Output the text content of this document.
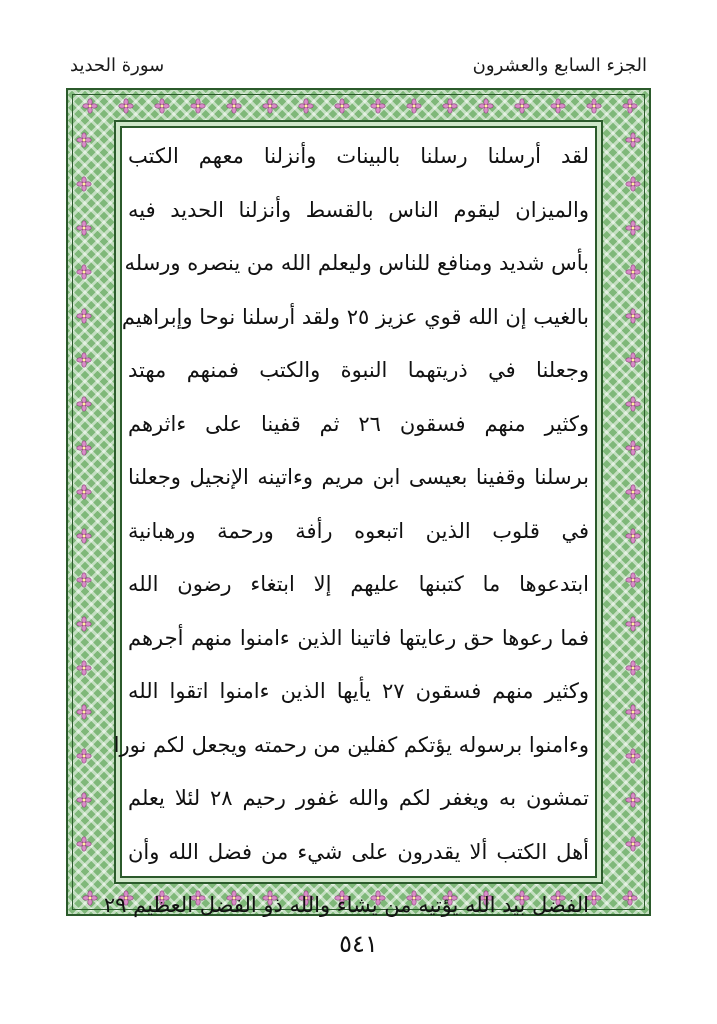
الجزء السابع والعشرون
سورة الحديد
لقد أرسلنا رسلنا بالبينات وأنزلنا معهم الكتب
والميزان ليقوم الناس بالقسط وأنزلنا الحديد فيه
بأس شديد ومنافع للناس وليعلم الله من ينصره ورسله
بالغيب إن الله قوي عزيز ٢٥ ولقد أرسلنا نوحا وإبراهيم
وجعلنا في ذريتهما النبوة والكتب فمنهم مهتد
وكثير منهم فسقون ٢٦ ثم قفينا على ءاثرهم
برسلنا وقفينا بعيسى ابن مريم وءاتينه الإنجيل وجعلنا
في قلوب الذين اتبعوه رأفة ورحمة ورهبانية
ابتدعوها ما كتبنها عليهم إلا ابتغاء رضون الله
فما رعوها حق رعايتها فاتينا الذين ءامنوا منهم أجرهم
وكثير منهم فسقون ٢٧ يأيها الذين ءامنوا اتقوا الله
وءامنوا برسوله يؤتكم كفلين من رحمته ويجعل لكم نورا
تمشون به ويغفر لكم والله غفور رحيم ٢٨ لئلا يعلم
أهل الكتب ألا يقدرون على شيء من فضل الله وأن
الفضل بيد الله يؤتيه من يشاء والله ذو الفضل العظيم ٢٩
٥٤١
